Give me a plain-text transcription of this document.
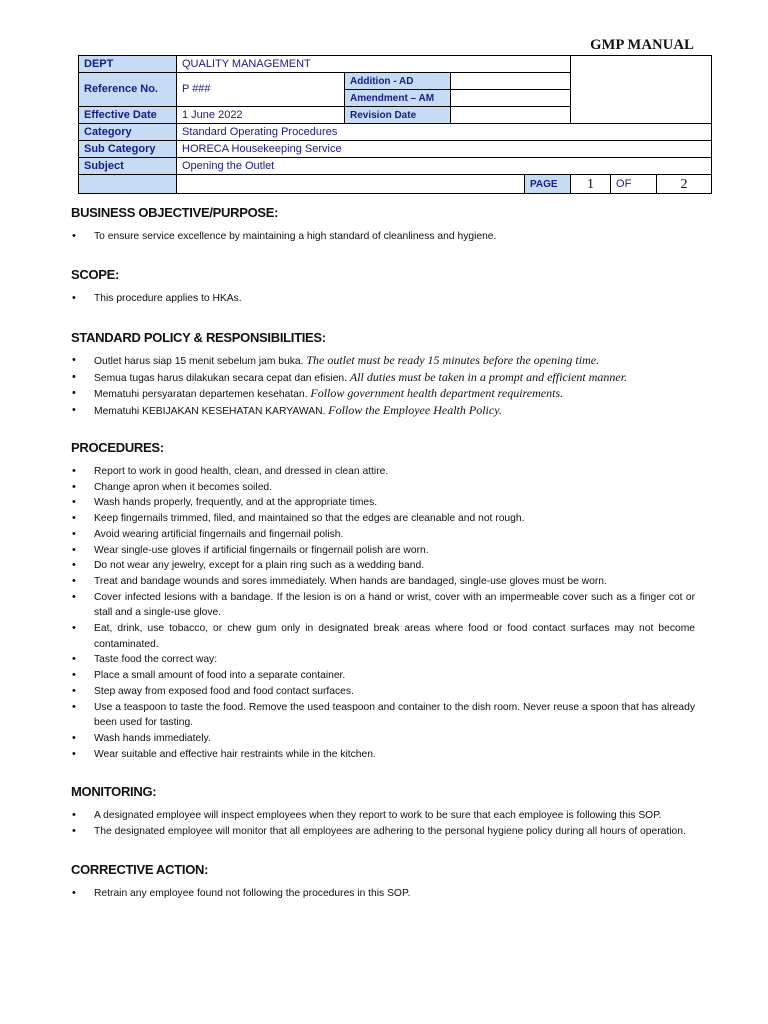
GMP MANUAL
DEPT	QUALITY MANAGEMENT						
Reference No.	P ###	Addition - AD					
		Amendment – AM					
Effective Date	1 June 2022	Revision Date					
Category	Standard Operating Procedures						
Sub Category	HORECA Housekeeping Service						
Subject	Opening the Outlet						
				PAGE	1	OF	2
BUSINESS OBJECTIVE/PURPOSE:
• To ensure service excellence by maintaining a high standard of cleanliness and hygiene.
SCOPE:
• This procedure applies to HKAs.
STANDARD POLICY & RESPONSIBILITIES:
• Outlet harus siap 15 menit sebelum jam buka. The outlet must be ready 15 minutes before the opening time.
• Semua tugas harus dilakukan secara cepat dan efisien. All duties must be taken in a prompt and efficient manner.
• Mematuhi persyaratan departemen kesehatan. Follow government health department requirements.
• Mematuhi KEBIJAKAN KESEHATAN KARYAWAN. Follow the Employee Health Policy.
PROCEDURES:
• Report to work in good health, clean, and dressed in clean attire.
• Change apron when it becomes soiled.
• Wash hands properly, frequently, and at the appropriate times.
• Keep fingernails trimmed, filed, and maintained so that the edges are cleanable and not rough.
• Avoid wearing artificial fingernails and fingernail polish.
• Wear single-use gloves if artificial fingernails or fingernail polish are worn.
• Do not wear any jewelry, except for a plain ring such as a wedding band.
• Treat and bandage wounds and sores immediately. When hands are bandaged, single-use gloves must be worn.
• Cover infected lesions with a bandage. If the lesion is on a hand or wrist, cover with an impermeable cover such as a finger cot or stall and a single-use glove.
• Eat, drink, use tobacco, or chew gum only in designated break areas where food or food contact surfaces may not become contaminated.
• Taste food the correct way:
• Place a small amount of food into a separate container.
• Step away from exposed food and food contact surfaces.
• Use a teaspoon to taste the food. Remove the used teaspoon and container to the dish room. Never reuse a spoon that has already been used for tasting.
• Wash hands immediately.
• Wear suitable and effective hair restraints while in the kitchen.
MONITORING:
• A designated employee will inspect employees when they report to work to be sure that each employee is following this SOP.
• The designated employee will monitor that all employees are adhering to the personal hygiene policy during all hours of operation.
CORRECTIVE ACTION:
• Retrain any employee found not following the procedures in this SOP.
